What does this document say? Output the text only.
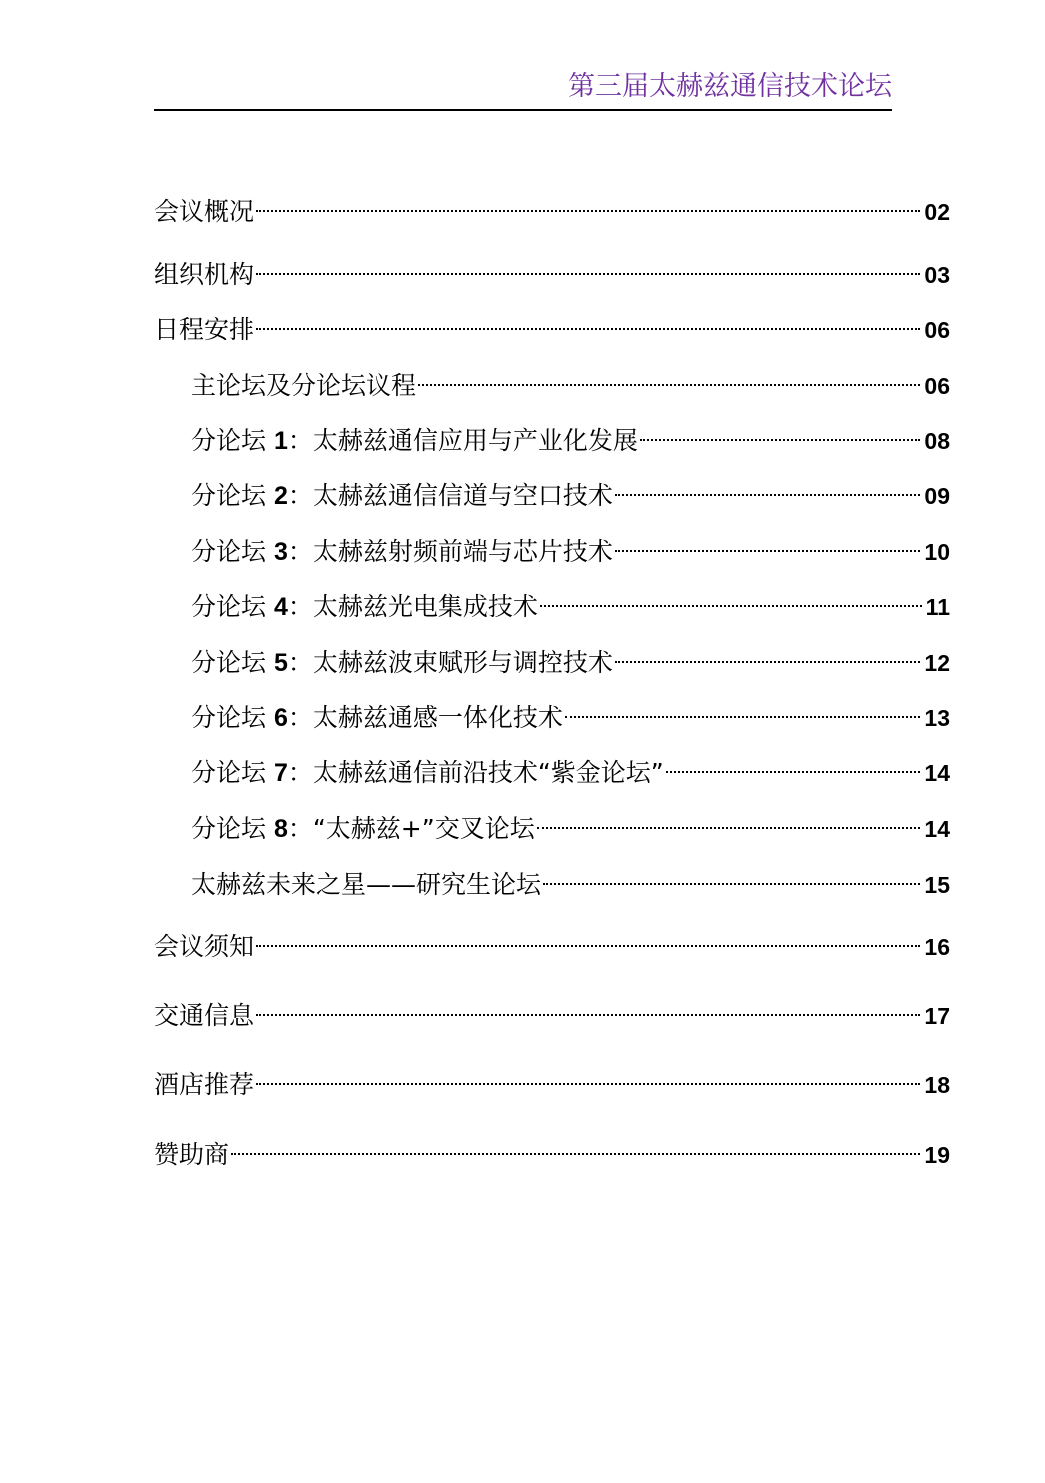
第三届太赫兹通信技术论坛
会议概况	02
组织机构	03
日程安排	06
主论坛及分论坛议程	06
分论坛 1：太赫兹通信应用与产业化发展	08
分论坛 2：太赫兹通信信道与空口技术	09
分论坛 3：太赫兹射频前端与芯片技术	10
分论坛 4：太赫兹光电集成技术	11
分论坛 5：太赫兹波束赋形与调控技术	12
分论坛 6：太赫兹通感一体化技术	13
分论坛 7：太赫兹通信前沿技术“紫金论坛”	14
分论坛 8：“太赫兹+”交叉论坛	14
太赫兹未来之星——研究生论坛	15
会议须知	16
交通信息	17
酒店推荐	18
赞助商	19
